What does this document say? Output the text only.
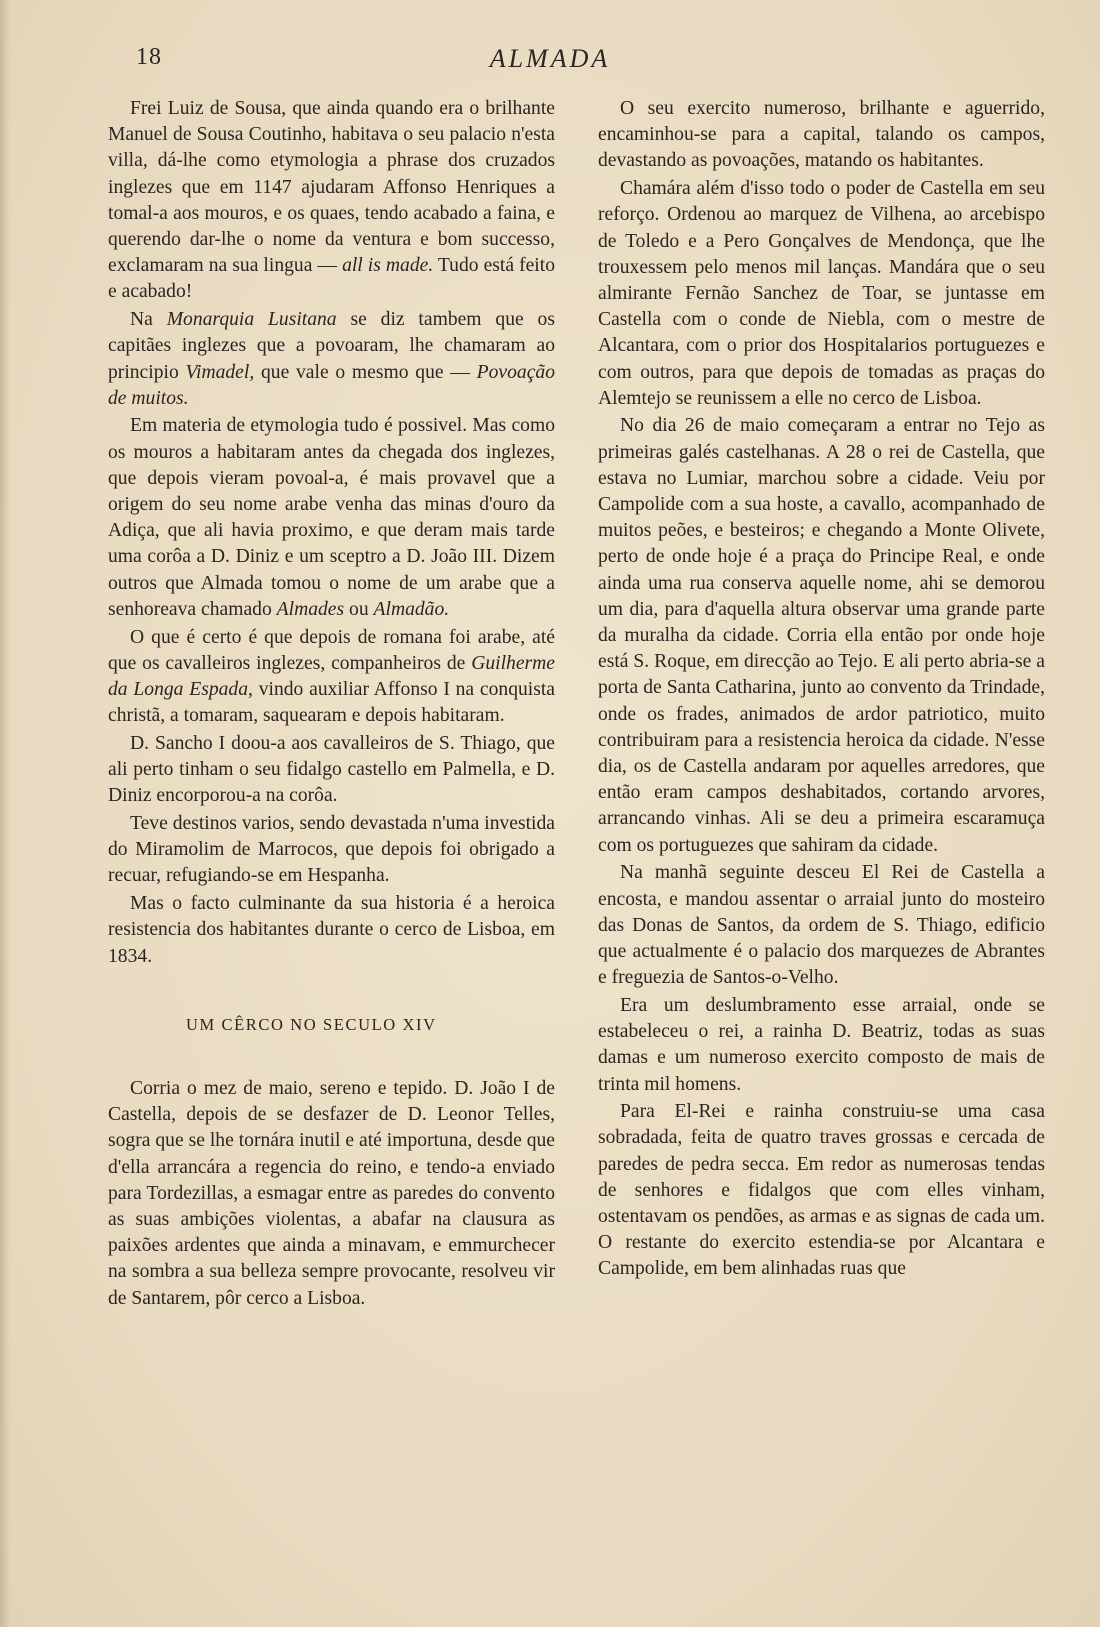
18	ALMADA

Frei Luiz de Sousa, que ainda quando era o brilhante Manuel de Sousa Coutinho, habitava o seu palacio n'esta villa, dá-lhe como etymologia a phrase dos cruzados inglezes que em 1147 ajudaram Affonso Henriques a tomal-a aos mouros, e os quaes, tendo acabado a faina, e querendo dar-lhe o nome da ventura e bom successo, exclamaram na sua lingua — all is made. Tudo está feito e acabado!

Na Monarquia Lusitana se diz tambem que os capitães inglezes que a povoaram, lhe chamaram ao principio Vimadel, que vale o mesmo que — Povoação de muitos.

Em materia de etymologia tudo é possivel. Mas como os mouros a habitaram antes da chegada dos inglezes, que depois vieram povoal-a, é mais provavel que a origem do seu nome arabe venha das minas d'ouro da Adiça, que ali havia proximo, e que deram mais tarde uma corôa a D. Diniz e um sceptro a D. João III. Dizem outros que Almada tomou o nome de um arabe que a senhoreava chamado Almades ou Almadão.

O que é certo é que depois de romana foi arabe, até que os cavalleiros inglezes, companheiros de Guilherme da Longa Espada, vindo auxiliar Affonso I na conquista christã, a tomaram, saquearam e depois habitaram.

D. Sancho I doou-a aos cavalleiros de S. Thiago, que ali perto tinham o seu fidalgo castello em Palmella, e D. Diniz encorporou-a na corôa.

Teve destinos varios, sendo devastada n'uma investida do Miramolim de Marrocos, que depois foi obrigado a recuar, refugiando-se em Hespanha.

Mas o facto culminante da sua historia é a heroica resistencia dos habitantes durante o cerco de Lisboa, em 1834.

UM CÊRCO NO SECULO XIV

Corria o mez de maio, sereno e tepido. D. João I de Castella, depois de se desfazer de D. Leonor Telles, sogra que se lhe tornára inutil e até importuna, desde que d'ella arrancára a regencia do reino, e tendo-a enviado para Tordezillas, a esmagar entre as paredes do convento as suas ambições violentas, a abafar na clausura as paixões ardentes que ainda a minavam, e emmurchecer na sombra a sua belleza sempre provocante, resolveu vir de Santarem, pôr cerco a Lisboa.

O seu exercito numeroso, brilhante e aguerrido, encaminhou-se para a capital, talando os campos, devastando as povoações, matando os habitantes.

Chamára além d'isso todo o poder de Castella em seu reforço. Ordenou ao marquez de Vilhena, ao arcebispo de Toledo e a Pero Gonçalves de Mendonça, que lhe trouxessem pelo menos mil lanças. Mandára que o seu almirante Fernão Sanchez de Toar, se juntasse em Castella com o conde de Niebla, com o mestre de Alcantara, com o prior dos Hospitalarios portuguezes e com outros, para que depois de tomadas as praças do Alemtejo se reunissem a elle no cerco de Lisboa.

No dia 26 de maio começaram a entrar no Tejo as primeiras galés castelhanas. A 28 o rei de Castella, que estava no Lumiar, marchou sobre a cidade. Veiu por Campolide com a sua hoste, a cavallo, acompanhado de muitos peões, e besteiros; e chegando a Monte Olivete, perto de onde hoje é a praça do Principe Real, e onde ainda uma rua conserva aquelle nome, ahi se demorou um dia, para d'aquella altura observar uma grande parte da muralha da cidade. Corria ella então por onde hoje está S. Roque, em direcção ao Tejo. E ali perto abria-se a porta de Santa Catharina, junto ao convento da Trindade, onde os frades, animados de ardor patriotico, muito contribuiram para a resistencia heroica da cidade. N'esse dia, os de Castella andaram por aquelles arredores, que então eram campos deshabitados, cortando arvores, arrancando vinhas. Ali se deu a primeira escaramuça com os portuguezes que sahiram da cidade.

Na manhã seguinte desceu El Rei de Castella a encosta, e mandou assentar o arraial junto do mosteiro das Donas de Santos, da ordem de S. Thiago, edificio que actualmente é o palacio dos marquezes de Abrantes e freguezia de Santos-o-Velho.

Era um deslumbramento esse arraial, onde se estabeleceu o rei, a rainha D. Beatriz, todas as suas damas e um numeroso exercito composto de mais de trinta mil homens.

Para El-Rei e rainha construiu-se uma casa sobradada, feita de quatro traves grossas e cercada de paredes de pedra secca. Em redor as numerosas tendas de senhores e fidalgos que com elles vinham, ostentavam os pendões, as armas e as signas de cada um. O restante do exercito estendia-se por Alcantara e Campolide, em bem alinhadas ruas que
